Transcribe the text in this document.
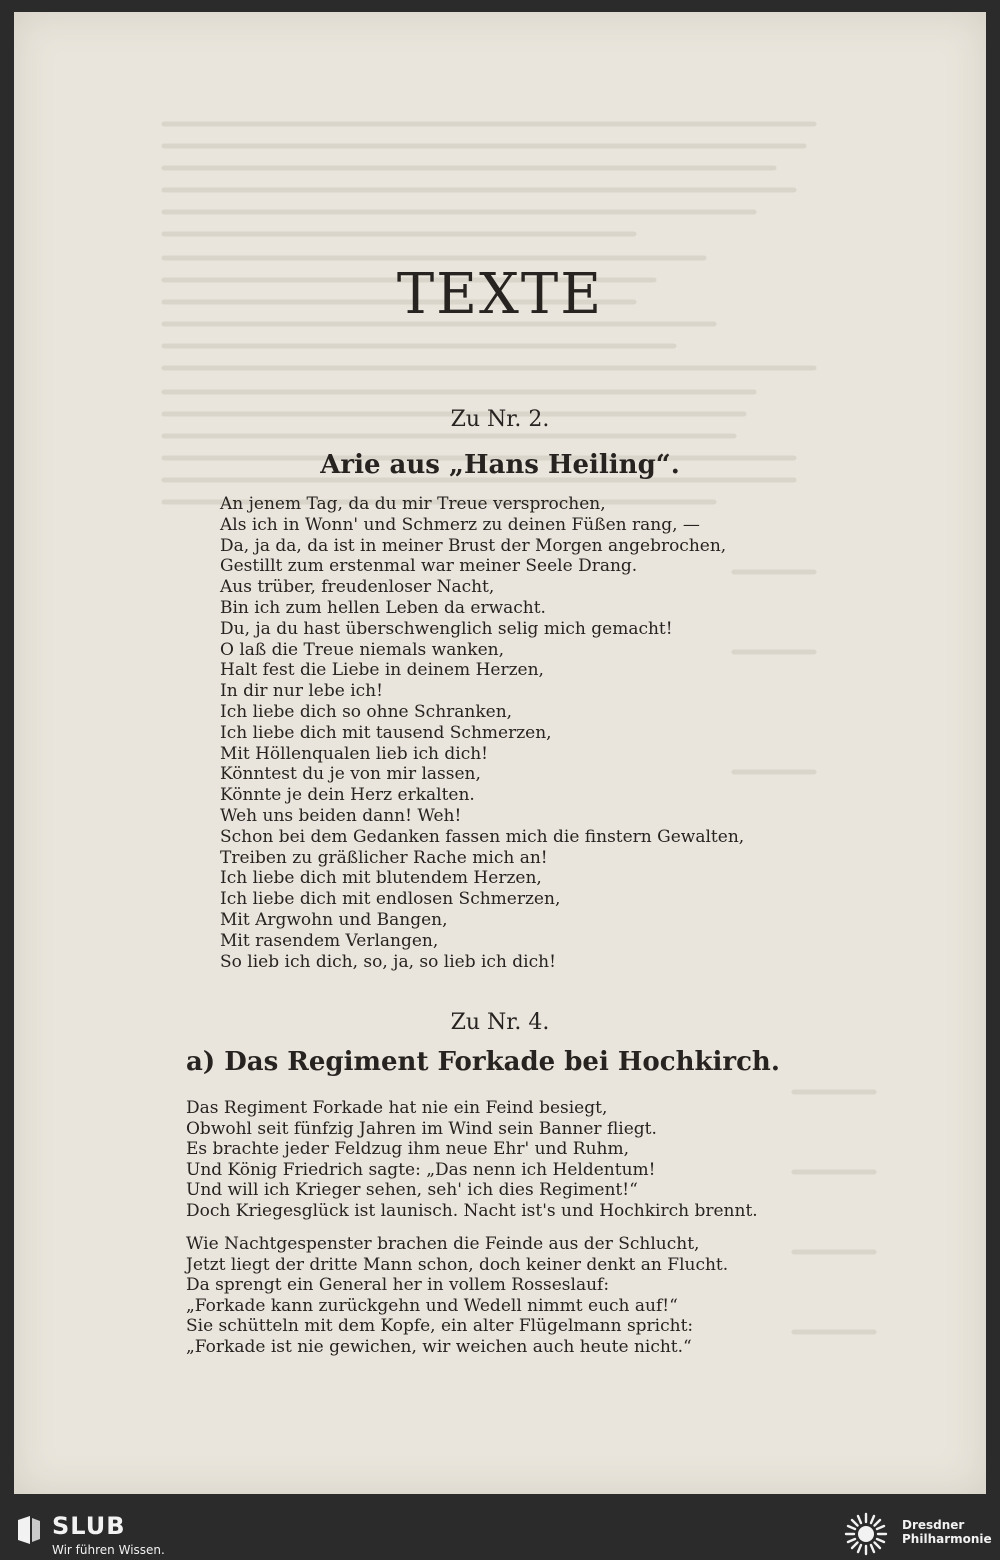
TEXTE
Zu Nr. 2.
Arie aus „Hans Heiling“.
An jenem Tag, da du mir Treue versprochen,
Als ich in Wonn' und Schmerz zu deinen Füßen rang, —
Da, ja da, da ist in meiner Brust der Morgen angebrochen,
Gestillt zum erstenmal war meiner Seele Drang.
Aus trüber, freudenloser Nacht,
Bin ich zum hellen Leben da erwacht.
Du, ja du hast überschwenglich selig mich gemacht!
O laß die Treue niemals wanken,
Halt fest die Liebe in deinem Herzen,
In dir nur lebe ich!
Ich liebe dich so ohne Schranken,
Ich liebe dich mit tausend Schmerzen,
Mit Höllenqualen lieb ich dich!
Könntest du je von mir lassen,
Könnte je dein Herz erkalten.
Weh uns beiden dann! Weh!
Schon bei dem Gedanken fassen mich die finstern Gewalten,
Treiben zu gräßlicher Rache mich an!
Ich liebe dich mit blutendem Herzen,
Ich liebe dich mit endlosen Schmerzen,
Mit Argwohn und Bangen,
Mit rasendem Verlangen,
So lieb ich dich, so, ja, so lieb ich dich!
Zu Nr. 4.
a) Das Regiment Forkade bei Hochkirch.
Das Regiment Forkade hat nie ein Feind besiegt,
Obwohl seit fünfzig Jahren im Wind sein Banner fliegt.
Es brachte jeder Feldzug ihm neue Ehr' und Ruhm,
Und König Friedrich sagte: „Das nenn ich Heldentum!
Und will ich Krieger sehen, seh' ich dies Regiment!“
Doch Kriegesglück ist launisch. Nacht ist's und Hochkirch brennt.
Wie Nachtgespenster brachen die Feinde aus der Schlucht,
Jetzt liegt der dritte Mann schon, doch keiner denkt an Flucht.
Da sprengt ein General her in vollem Rosseslauf:
„Forkade kann zurückgehn und Wedell nimmt euch auf!“
Sie schütteln mit dem Kopfe, ein alter Flügelmann spricht:
„Forkade ist nie gewichen, wir weichen auch heute nicht.“
SLUB
Wir führen Wissen.
Dresdner
Philharmonie
